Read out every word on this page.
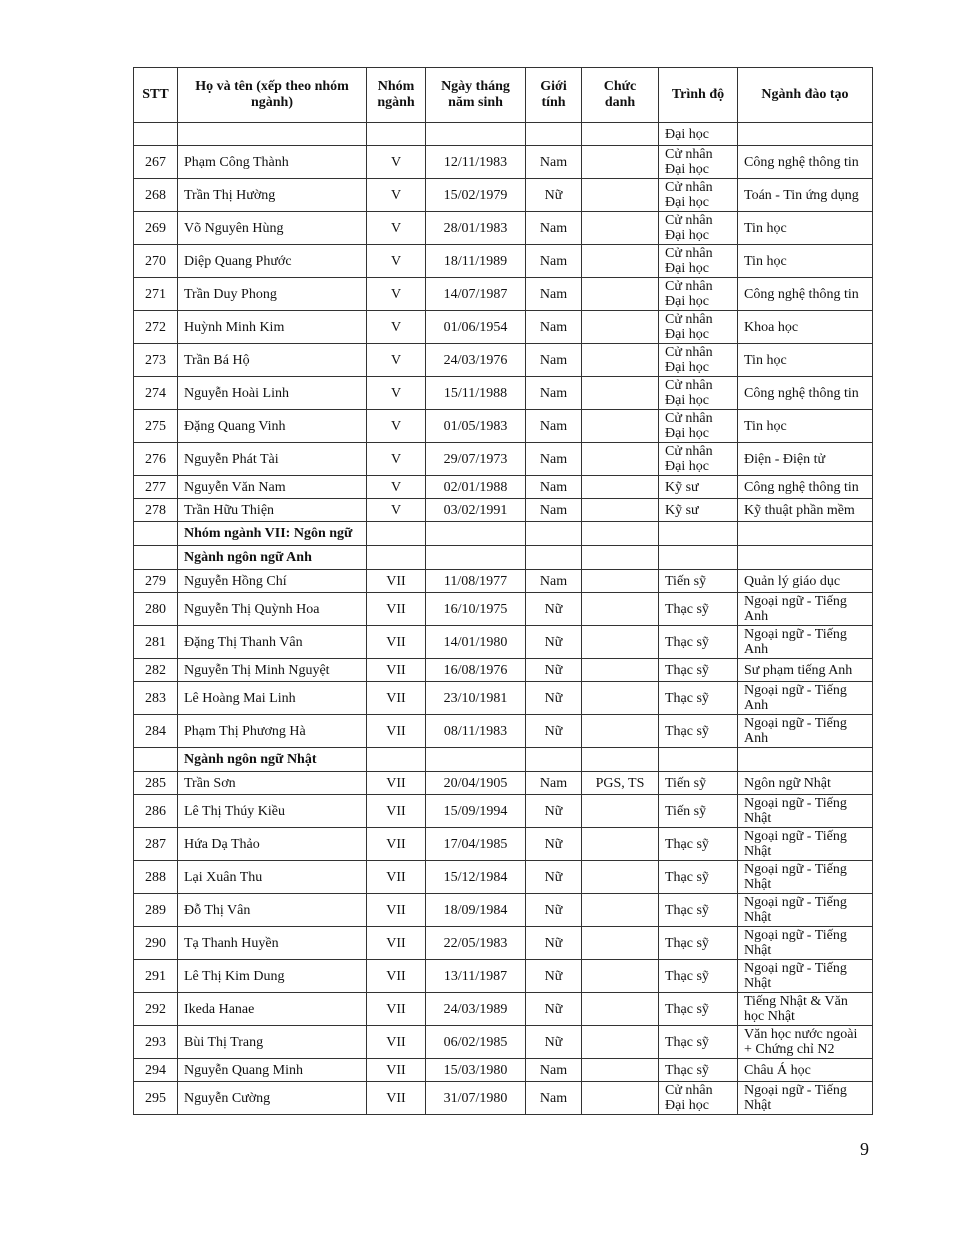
STT	Họ và tên (xếp theo nhóm ngành)	Nhóm ngành	Ngày tháng năm sinh	Giới tính	Chức danh	Trình độ	Ngành đào tạo
						Đại học	
267	Phạm Công Thành	V	12/11/1983	Nam		Cử nhân Đại học	Công nghệ thông tin
268	Trần Thị Hường	V	15/02/1979	Nữ		Cử nhân Đại học	Toán - Tin ứng dụng
269	Võ Nguyên Hùng	V	28/01/1983	Nam		Cử nhân Đại học	Tin học
270	Diệp Quang Phước	V	18/11/1989	Nam		Cử nhân Đại học	Tin học
271	Trần Duy Phong	V	14/07/1987	Nam		Cử nhân Đại học	Công nghệ thông tin
272	Huỳnh Minh Kim	V	01/06/1954	Nam		Cử nhân Đại học	Khoa học
273	Trần Bá Hộ	V	24/03/1976	Nam		Cử nhân Đại học	Tin học
274	Nguyễn Hoài Linh	V	15/11/1988	Nam		Cử nhân Đại học	Công nghệ thông tin
275	Đặng Quang Vinh	V	01/05/1983	Nam		Cử nhân Đại học	Tin học
276	Nguyễn Phát Tài	V	29/07/1973	Nam		Cử nhân Đại học	Điện - Điện tử
277	Nguyễn Văn Nam	V	02/01/1988	Nam		Kỹ sư	Công nghệ thông tin
278	Trần Hữu Thiện	V	03/02/1991	Nam		Kỹ sư	Kỹ thuật phần mềm
	Nhóm ngành VII: Ngôn ngữ						
	Ngành ngôn ngữ Anh						
279	Nguyễn Hồng Chí	VII	11/08/1977	Nam		Tiến sỹ	Quản lý giáo dục
280	Nguyễn Thị Quỳnh Hoa	VII	16/10/1975	Nữ		Thạc sỹ	Ngoại ngữ - Tiếng Anh
281	Đặng Thị Thanh Vân	VII	14/01/1980	Nữ		Thạc sỹ	Ngoại ngữ - Tiếng Anh
282	Nguyễn Thị Minh Nguyệt	VII	16/08/1976	Nữ		Thạc sỹ	Sư phạm tiếng Anh
283	Lê Hoàng Mai Linh	VII	23/10/1981	Nữ		Thạc sỹ	Ngoại ngữ - Tiếng Anh
284	Phạm Thị Phương Hà	VII	08/11/1983	Nữ		Thạc sỹ	Ngoại ngữ - Tiếng Anh
	Ngành ngôn ngữ Nhật						
285	Trần Sơn	VII	20/04/1905	Nam	PGS, TS	Tiến sỹ	Ngôn ngữ Nhật
286	Lê Thị Thúy Kiều	VII	15/09/1994	Nữ		Tiến sỹ	Ngoại ngữ - Tiếng Nhật
287	Hứa Dạ Thảo	VII	17/04/1985	Nữ		Thạc sỹ	Ngoại ngữ - Tiếng Nhật
288	Lại Xuân Thu	VII	15/12/1984	Nữ		Thạc sỹ	Ngoại ngữ - Tiếng Nhật
289	Đỗ Thị Vân	VII	18/09/1984	Nữ		Thạc sỹ	Ngoại ngữ - Tiếng Nhật
290	Tạ Thanh Huyền	VII	22/05/1983	Nữ		Thạc sỹ	Ngoại ngữ - Tiếng Nhật
291	Lê Thị Kim Dung	VII	13/11/1987	Nữ		Thạc sỹ	Ngoại ngữ - Tiếng Nhật
292	Ikeda Hanae	VII	24/03/1989	Nữ		Thạc sỹ	Tiếng Nhật & Văn học Nhật
293	Bùi Thị Trang	VII	06/02/1985	Nữ		Thạc sỹ	Văn học nước ngoài + Chứng chỉ N2
294	Nguyễn Quang Minh	VII	15/03/1980	Nam		Thạc sỹ	Châu Á học
295	Nguyễn Cường	VII	31/07/1980	Nam		Cử nhân Đại học	Ngoại ngữ - Tiếng Nhật
9
